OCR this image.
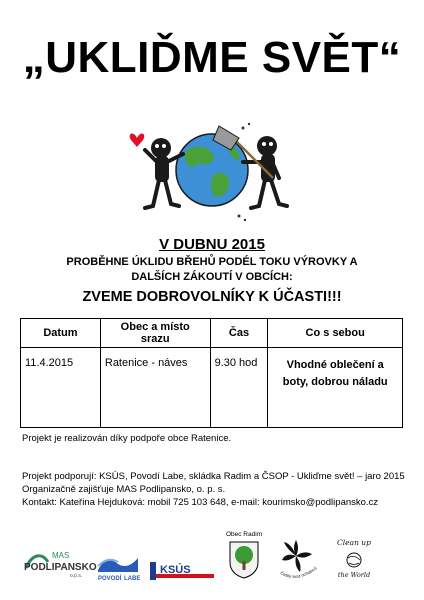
„UKLIĎME SVĚT“
V DUBNU 2015
PROBĚHNE ÚKLIDU BŘEHŮ PODÉL TOKU VÝROVKY A DALŠÍCH ZÁKOUTÍ V OBCÍCH:
ZVEME DOBROVOLNÍKY K ÚČASTI!!!
Datum	Obec a místo srazu	Čas	Co s sebou
11.4.2015	Ratenice - náves	9.30 hod	Vhodné oblečení a boty, dobrou náladu
Projekt je realizován díky podpoře obce Ratenice.
Projekt podporují: KSÚS, Povodí Labe, skládka Radim a ČSOP - Ukliďme svět! – jaro 2015
Organizačně zajišťuje MAS Podlipansko, o. p. s.
Kontakt: Kateřina Hejduková: mobil 725 103 648, e-mail: kourimsko@podlipansko.cz
MAS
PODLIPANSKO
o.p.s.	POVODÍ LABE
KSÚS
Obec Radim
Český svaz ochránců
Clean up
the World
